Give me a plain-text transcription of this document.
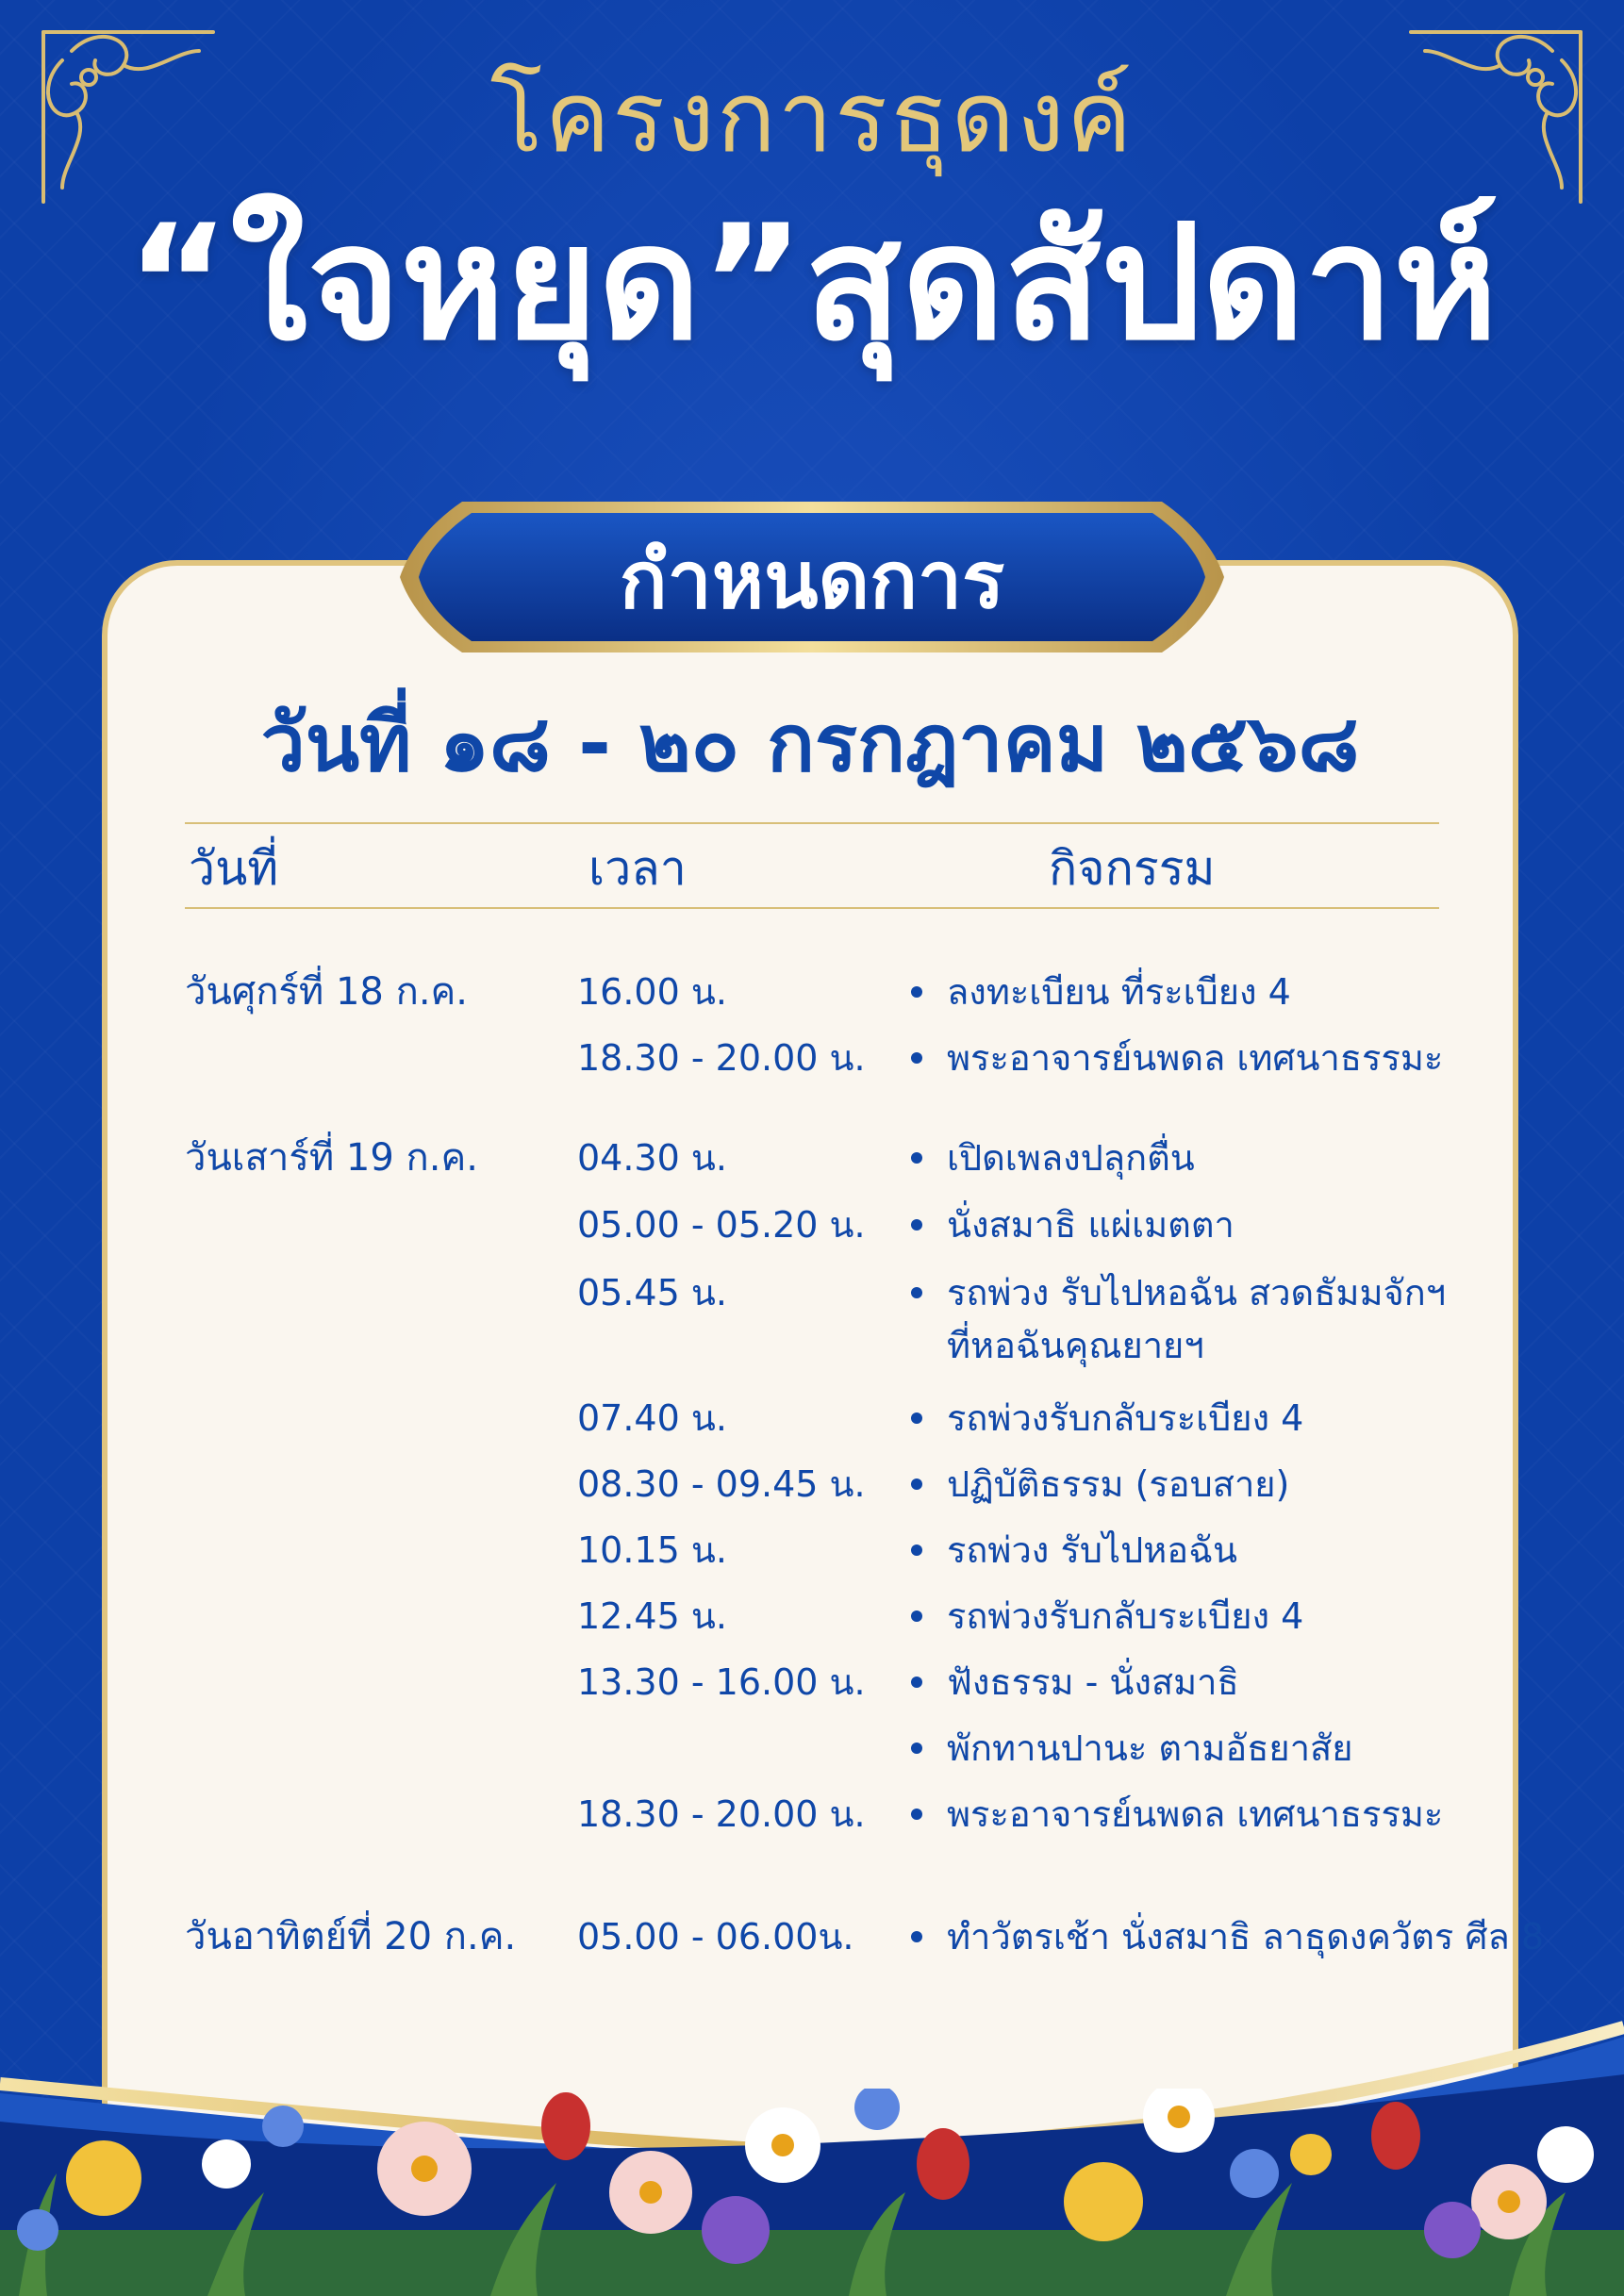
โครงการธุดงค์
“ใจหยุด”สุดสัปดาห์
กำหนดการ
วันที่ ๑๘ - ๒๐ กรกฎาคม ๒๕๖๘
วันที่	เวลา	กิจกรรม
วันศุกร์ที่ 18 ก.ค.	16.00 น.	ลงทะเบียน ที่ระเบียง 4
18.30 - 20.00 น. พระอาจารย์นพดล เทศนาธรรมะ
วันเสาร์ที่ 19 ก.ค.	04.30 น.	เปิดเพลงปลุกตื่น
05.00 - 05.20 น. นั่งสมาธิ แผ่เมตตา
05.45 น.	รถพ่วง รับไปหอฉัน สวดธัมมจักฯ
ที่หอฉันคุณยายฯ
07.40 น.	รถพ่วงรับกลับระเบียง 4
08.30 - 09.45 น. ปฏิบัติธรรม (รอบสาย)
10.15 น.	รถพ่วง รับไปหอฉัน
12.45 น.	รถพ่วงรับกลับระเบียง 4
13.30 - 16.00 น. ฟังธรรม - นั่งสมาธิ
พักทานปานะ ตามอัธยาสัย
18.30 - 20.00 น. พระอาจารย์นพดล เทศนาธรรมะ
วันอาทิตย์ที่ 20 ก.ค. 05.00 - 06.00น.	ทำวัตรเช้า นั่งสมาธิ ลาธุดงควัตร ศีล 8
